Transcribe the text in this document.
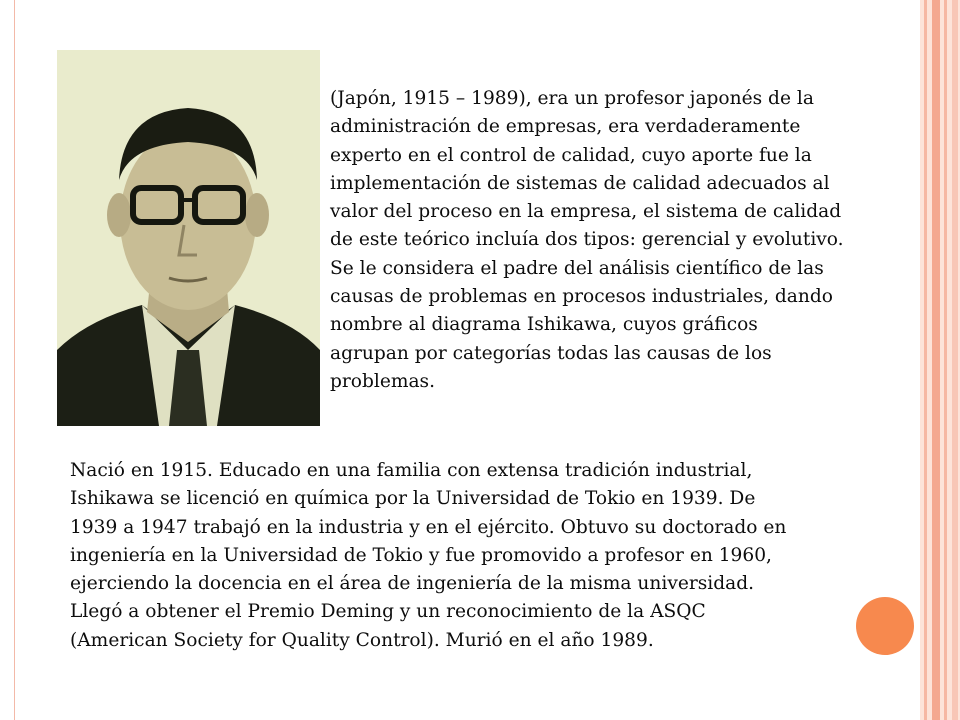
(Japón, 1915 – 1989), era un profesor japonés de la
administración de empresas, era verdaderamente
experto en el control de calidad, cuyo aporte fue la
implementación de sistemas de calidad adecuados al
valor del proceso en la empresa, el sistema de calidad
de este teórico incluía dos tipos: gerencial y evolutivo.
Se le considera el padre del análisis científico de las
causas de problemas en procesos industriales, dando
nombre al diagrama Ishikawa, cuyos gráficos
agrupan por categorías todas las causas de los
problemas.

Nació en 1915. Educado en una familia con extensa tradición industrial,
Ishikawa se licenció en química por la Universidad de Tokio en 1939. De
1939 a 1947 trabajó en la industria y en el ejército. Obtuvo su doctorado en
ingeniería en la Universidad de Tokio y fue promovido a profesor en 1960,
ejerciendo la docencia en el área de ingeniería de la misma universidad.
Llegó a obtener el Premio Deming y un reconocimiento de la ASQC
(American Society for Quality Control). Murió en el año 1989.
